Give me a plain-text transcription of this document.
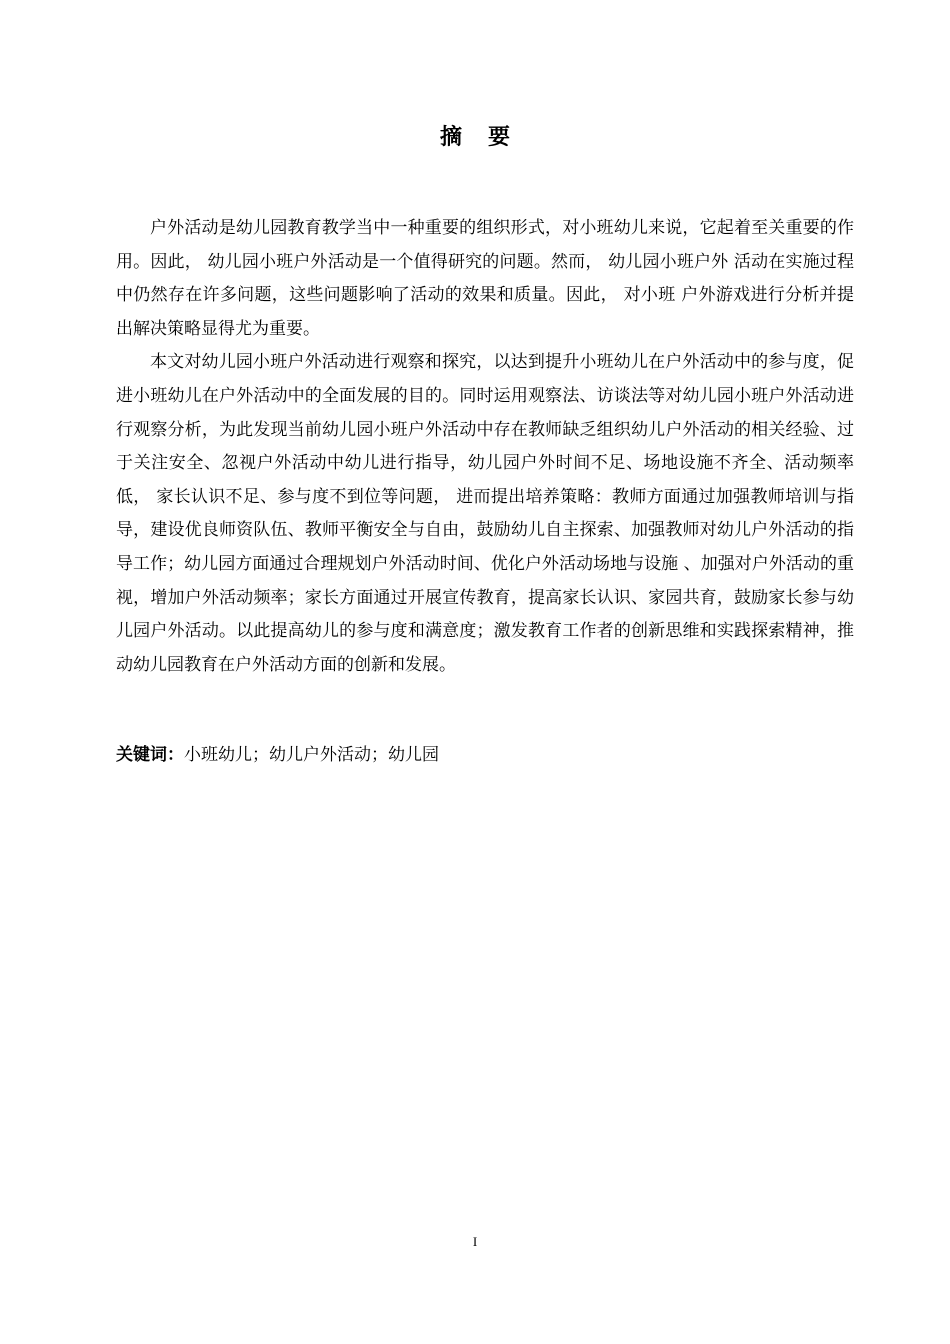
摘要

户外活动是幼儿园教育教学当中一种重要的组织形式，对小班幼儿来说，它起着至关重要的作用。因此， 幼儿园小班户外活动是一个值得研究的问题。然而， 幼儿园小班户外 活动在实施过程中仍然存在许多问题，这些问题影响了活动的效果和质量。因此， 对小班 户外游戏进行分析并提出解决策略显得尤为重要。

本文对幼儿园小班户外活动进行观察和探究，以达到提升小班幼儿在户外活动中的参与度，促进小班幼儿在户外活动中的全面发展的目的。同时运用观察法、访谈法等对幼儿园小班户外活动进行观察分析，为此发现当前幼儿园小班户外活动中存在教师缺乏组织幼儿户外活动的相关经验、过于关注安全、忽视户外活动中幼儿进行指导，幼儿园户外时间不足、场地设施不齐全、活动频率低， 家长认识不足、参与度不到位等问题， 进而提出培养策略：教师方面通过加强教师培训与指导，建设优良师资队伍、教师平衡安全与自由，鼓励幼儿自主探索、加强教师对幼儿户外活动的指导工作；幼儿园方面通过合理规划户外活动时间、优化户外活动场地与设施 、加强对户外活动的重视，增加户外活动频率；家长方面通过开展宣传教育，提高家长认识、家园共育，鼓励家长参与幼儿园户外活动。以此提高幼儿的参与度和满意度；激发教育工作者的创新思维和实践探索精神，推动幼儿园教育在户外活动方面的创新和发展。

关键词：小班幼儿；幼儿户外活动；幼儿园

I
